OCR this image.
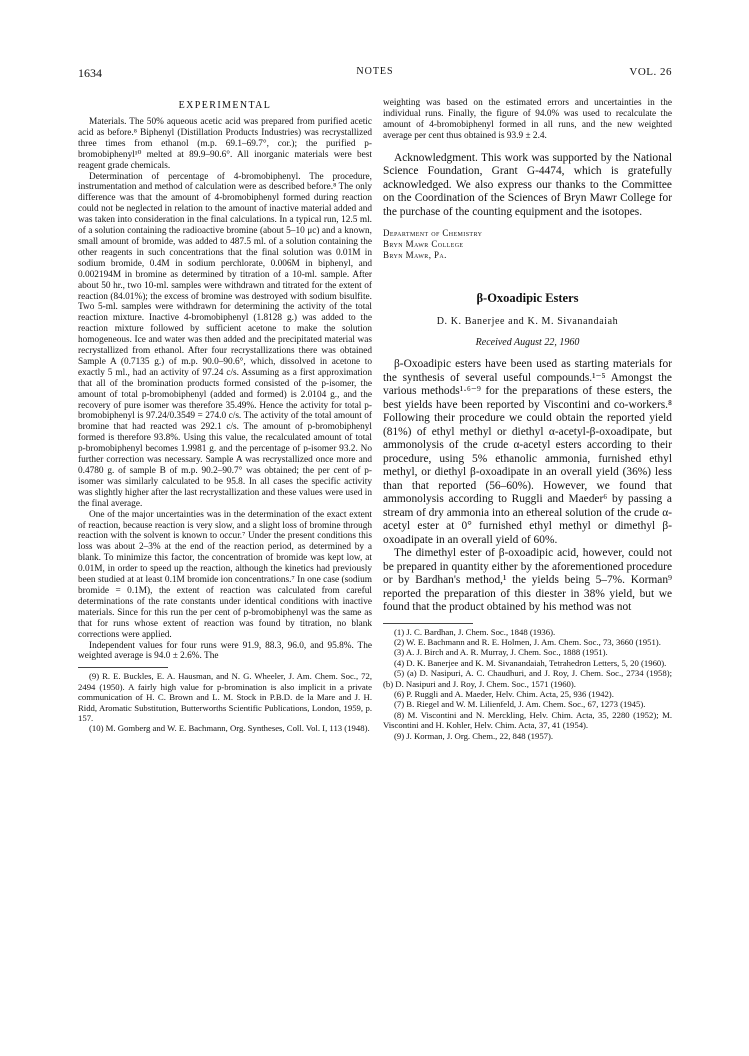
1634	NOTES	VOL. 26
EXPERIMENTAL

Materials. The 50% aqueous acetic acid was prepared from purified acetic acid as before.⁸ Biphenyl (Distillation Products Industries) was recrystallized three times from ethanol (m.p. 69.1–69.7°, cor.); the purified p-bromobiphenyl¹⁰ melted at 89.9–90.6°. All inorganic materials were best reagent grade chemicals.

Determination of percentage of 4-bromobiphenyl. The procedure, instrumentation and method of calculation were as described before.⁸ The only difference was that the amount of 4-bromobiphenyl formed during reaction could not be neglected in relation to the amount of inactive material added and was taken into consideration in the final calculations. In a typical run, 12.5 ml. of a solution containing the radioactive bromine (about 5–10 μc) and a known, small amount of bromide, was added to 487.5 ml. of a solution containing the other reagents in such concentrations that the final solution was 0.01M in sodium bromide, 0.4M in sodium perchlorate, 0.006M in biphenyl, and 0.002194M in bromine as determined by titration of a 10-ml. sample. After about 50 hr., two 10-ml. samples were withdrawn and titrated for the extent of reaction (84.01%); the excess of bromine was destroyed with sodium bisulfite. Two 5-ml. samples were withdrawn for determining the activity of the total reaction mixture. Inactive 4-bromobiphenyl (1.8128 g.) was added to the reaction mixture followed by sufficient acetone to make the solution homogeneous. Ice and water was then added and the precipitated material was recrystallized from ethanol. After four recrystallizations there was obtained Sample A (0.7135 g.) of m.p. 90.0–90.6°, which, dissolved in acetone to exactly 5 ml., had an activity of 97.24 c/s. Assuming as a first approximation that all of the bromination products formed consisted of the p-isomer, the amount of total p-bromobiphenyl (added and formed) is 2.0104 g., and the recovery of pure isomer was therefore 35.49%. Hence the activity for total p-bromobiphenyl is 97.24/0.3549 = 274.0 c/s. The activity of the total amount of bromine that had reacted was 292.1 c/s. The amount of p-bromobiphenyl formed is therefore 93.8%. Using this value, the recalculated amount of total p-bromobiphenyl becomes 1.9981 g. and the percentage of p-isomer 93.2. No further correction was necessary. Sample A was recrystallized once more and 0.4780 g. of sample B of m.p. 90.2–90.7° was obtained; the per cent of p-isomer was similarly calculated to be 95.8. In all cases the specific activity was slightly higher after the last recrystallization and these values were used in the final average.

One of the major uncertainties was in the determination of the exact extent of reaction, because reaction is very slow, and a slight loss of bromine through reaction with the solvent is known to occur.⁷ Under the present conditions this loss was about 2–3% at the end of the reaction period, as determined by a blank. To minimize this factor, the concentration of bromide was kept low, at 0.01M, in order to speed up the reaction, although the kinetics had previously been studied at at least 0.1M bromide ion concentrations.⁷ In one case (sodium bromide = 0.1M), the extent of reaction was calculated from careful determinations of the rate constants under identical conditions with inactive materials. Since for this run the per cent of p-bromobiphenyl was the same as that for runs whose extent of reaction was found by titration, no blank corrections were applied.

Independent values for four runs were 91.9, 88.3, 96.0, and 95.8%. The weighted average is 94.0 ± 2.6%. The

(9) R. E. Buckles, E. A. Hausman, and N. G. Wheeler, J. Am. Chem. Soc., 72, 2494 (1950). A fairly high value for p-bromination is also implicit in a private communication of H. C. Brown and L. M. Stock in P.B.D. de la Mare and J. H. Ridd, Aromatic Substitution, Butterworths Scientific Publications, London, 1959, p. 157.

(10) M. Gomberg and W. E. Bachmann, Org. Syntheses, Coll. Vol. I, 113 (1948).

weighting was based on the estimated errors and uncertainties in the individual runs. Finally, the figure of 94.0% was used to recalculate the amount of 4-bromobiphenyl formed in all runs, and the new weighted average per cent thus obtained is 93.9 ± 2.4.

Acknowledgment. This work was supported by the National Science Foundation, Grant G-4474, which is gratefully acknowledged. We also express our thanks to the Committee on the Coordination of the Sciences of Bryn Mawr College for the purchase of the counting equipment and the isotopes.

Department of Chemistry
Bryn Mawr College
Bryn Mawr, Pa.
β-Oxoadipic Esters
D. K. Banerjee and K. M. Sivanandaiah
Received August 22, 1960

β-Oxoadipic esters have been used as starting materials for the synthesis of several useful compounds.¹⁻⁵ Amongst the various methods¹·⁶⁻⁹ for the preparations of these esters, the best yields have been reported by Viscontini and co-workers.⁸ Following their procedure we could obtain the reported yield (81%) of ethyl methyl or diethyl α-acetyl-β-oxoadipate, but ammonolysis of the crude α-acetyl esters according to their procedure, using 5% ethanolic ammonia, furnished ethyl methyl, or diethyl β-oxoadipate in an overall yield (36%) less than that reported (56–60%). However, we found that ammonolysis according to Ruggli and Maeder⁶ by passing a stream of dry ammonia into an ethereal solution of the crude α-acetyl ester at 0° furnished ethyl methyl or dimethyl β-oxoadipate in an overall yield of 60%.

The dimethyl ester of β-oxoadipic acid, however, could not be prepared in quantity either by the aforementioned procedure or by Bardhan's method,¹ the yields being 5–7%. Korman⁹ reported the preparation of this diester in 38% yield, but we found that the product obtained by his method was not

(1) J. C. Bardhan, J. Chem. Soc., 1848 (1936).

(2) W. E. Bachmann and R. E. Holmen, J. Am. Chem. Soc., 73, 3660 (1951).

(3) A. J. Birch and A. R. Murray, J. Chem. Soc., 1888 (1951).

(4) D. K. Banerjee and K. M. Sivanandaiah, Tetrahedron Letters, 5, 20 (1960).

(5) (a) D. Nasipuri, A. C. Chaudhuri, and J. Roy, J. Chem. Soc., 2734 (1958); (b) D. Nasipuri and J. Roy, J. Chem. Soc., 1571 (1960).

(6) P. Ruggli and A. Maeder, Helv. Chim. Acta, 25, 936 (1942).

(7) B. Riegel and W. M. Lilienfeld, J. Am. Chem. Soc., 67, 1273 (1945).

(8) M. Viscontini and N. Merckling, Helv. Chim. Acta, 35, 2280 (1952); M. Viscontini and H. Kohler, Helv. Chim. Acta, 37, 41 (1954).

(9) J. Korman, J. Org. Chem., 22, 848 (1957).
